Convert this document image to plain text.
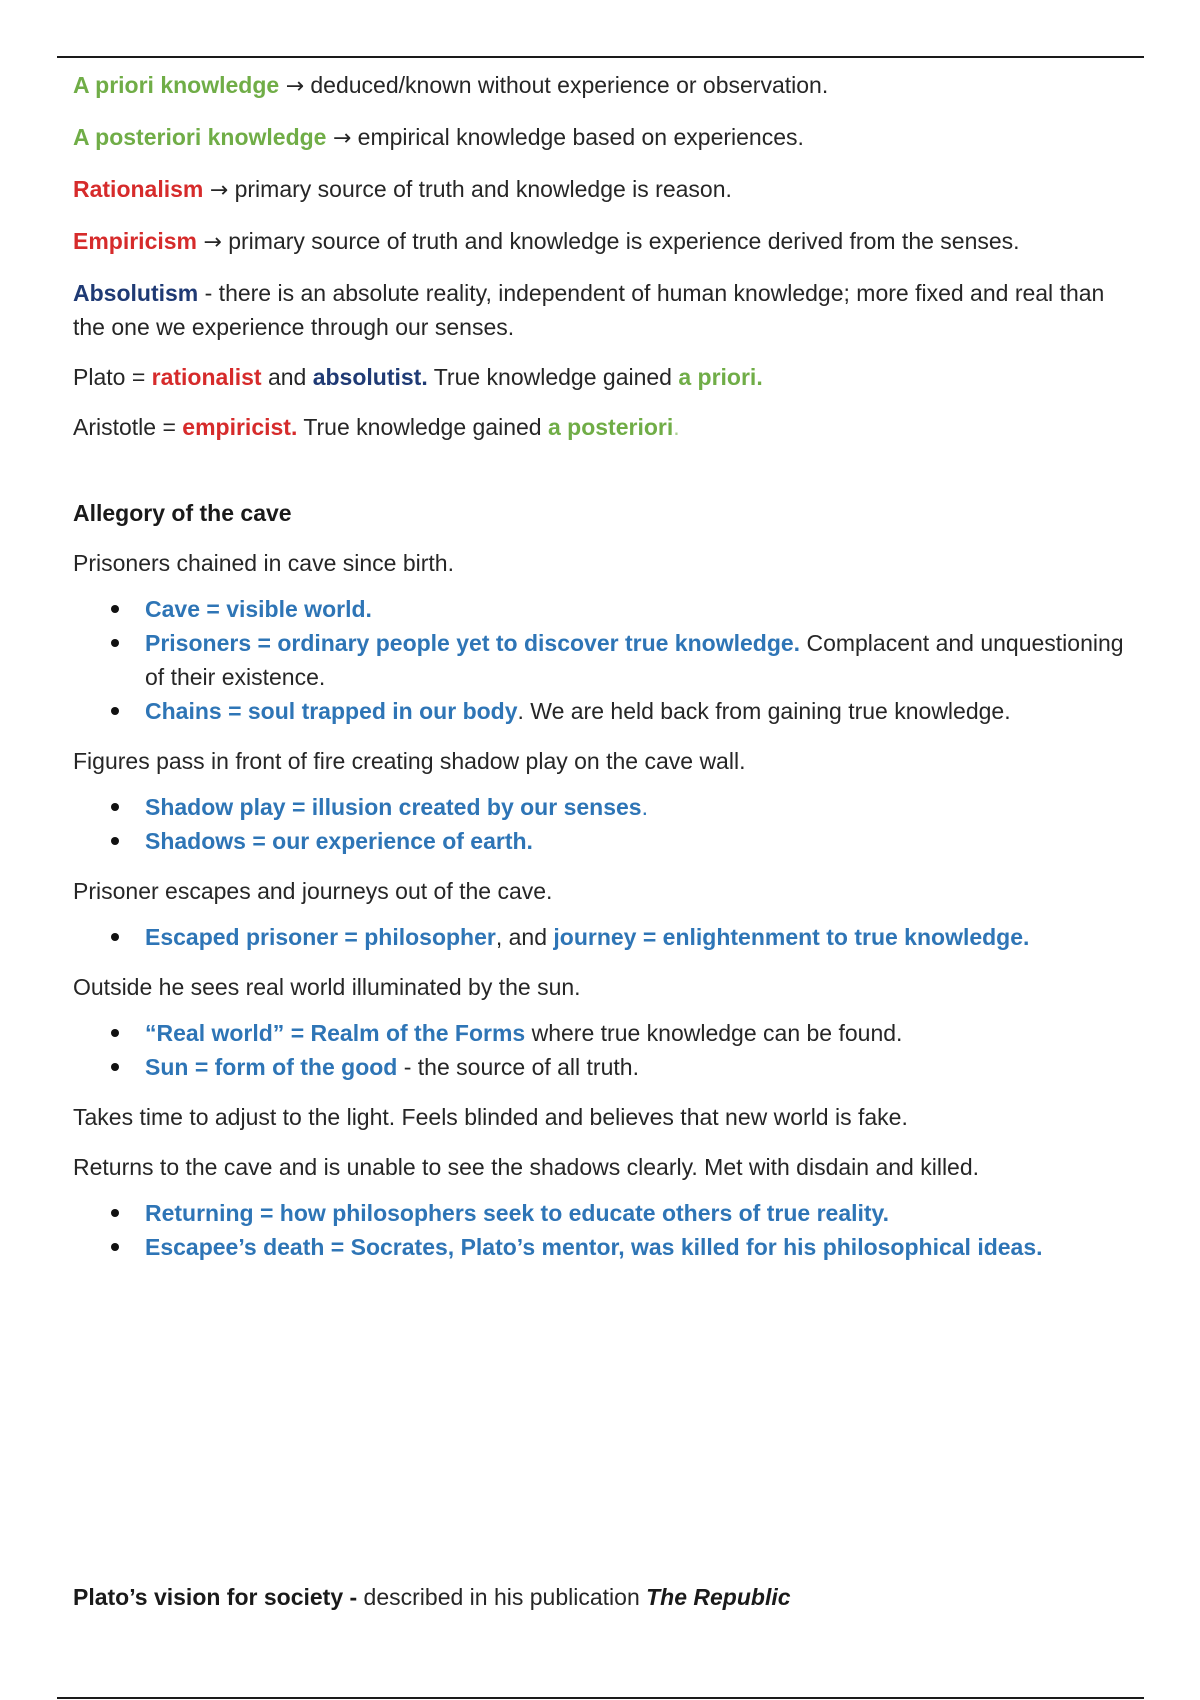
A priori knowledge → deduced/known without experience or observation.

A posteriori knowledge → empirical knowledge based on experiences.

Rationalism → primary source of truth and knowledge is reason.

Empiricism → primary source of truth and knowledge is experience derived from the senses.

Absolutism - there is an absolute reality, independent of human knowledge; more fixed and real than the one we experience through our senses.

Plato = rationalist and absolutist. True knowledge gained a priori.

Aristotle = empiricist. True knowledge gained a posteriori.

Allegory of the cave

Prisoners chained in cave since birth.

Cave = visible world.
Prisoners = ordinary people yet to discover true knowledge. Complacent and unquestioning of their existence.
Chains = soul trapped in our body. We are held back from gaining true knowledge.

Figures pass in front of fire creating shadow play on the cave wall.

Shadow play = illusion created by our senses.
Shadows = our experience of earth.

Prisoner escapes and journeys out of the cave.

Escaped prisoner = philosopher, and journey = enlightenment to true knowledge.

Outside he sees real world illuminated by the sun.

“Real world” = Realm of the Forms where true knowledge can be found.
Sun = form of the good - the source of all truth.

Takes time to adjust to the light. Feels blinded and believes that new world is fake.

Returns to the cave and is unable to see the shadows clearly. Met with disdain and killed.

Returning = how philosophers seek to educate others of true reality.
Escapee’s death = Socrates, Plato’s mentor, was killed for his philosophical ideas.

Plato’s vision for society - described in his publication The Republic
